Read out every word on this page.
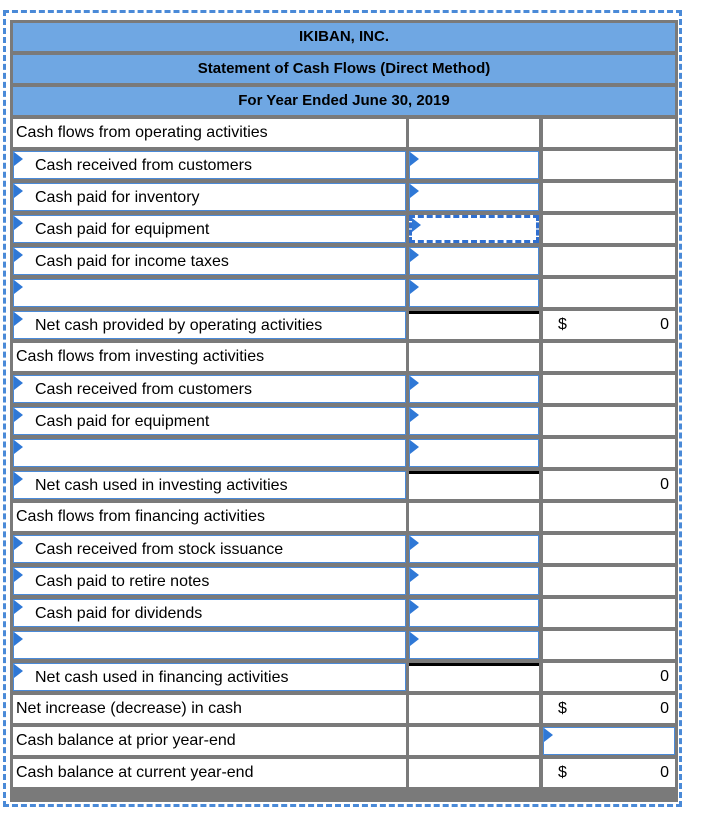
IKIBAN, INC.
Statement of Cash Flows (Direct Method)
For Year Ended June 30, 2019
Cash flows from operating activities
Cash received from customers
Cash paid for inventory
Cash paid for equipment
Cash paid for income taxes
Net cash provided by operating activities	$	0
Cash flows from investing activities
Cash received from customers
Cash paid for equipment
Net cash used in investing activities	0
Cash flows from financing activities
Cash received from stock issuance
Cash paid to retire notes
Cash paid for dividends
Net cash used in financing activities	0
Net increase (decrease) in cash	$	0
Cash balance at prior year-end
Cash balance at current year-end	$	0
